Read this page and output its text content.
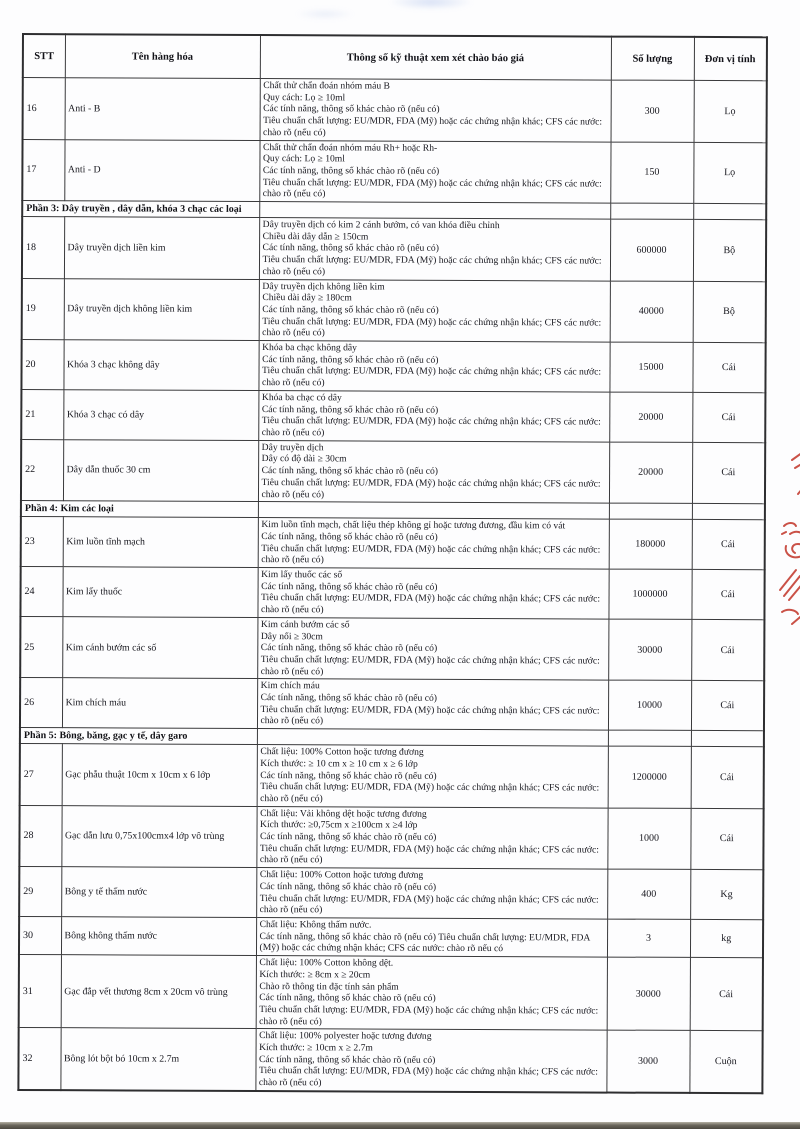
STT	Tên hàng hóa	Thông số kỹ thuật xem xét chào báo giá	Số lượng	Đơn vị tính
16	Anti - B	Chất thử chẩn đoán nhóm máu B
Quy cách: Lọ ≥ 10ml
Các tính năng, thông số khác chào rõ (nếu có)
Tiêu chuẩn chất lượng: EU/MDR, FDA (Mỹ) hoặc các chứng nhận khác; CFS các nước: chào rõ (nếu có)	300	Lọ
17	Anti - D	Chất thử chẩn đoán nhóm máu Rh+ hoặc Rh-
Quy cách: Lọ ≥ 10ml
Các tính năng, thông số khác chào rõ (nếu có)
Tiêu chuẩn chất lượng: EU/MDR, FDA (Mỹ) hoặc các chứng nhận khác; CFS các nước: chào rõ (nếu có)	150	Lọ
Phần 3: Dây truyền , dây dẫn, khóa 3 chạc các loại				
18	Dây truyền dịch liền kim	Dây truyền dịch có kim 2 cánh bướm, có van khóa điều chỉnh
Chiều dài dây dẫn ≥ 150cm
Các tính năng, thông số khác chào rõ (nếu có)
Tiêu chuẩn chất lượng: EU/MDR, FDA (Mỹ) hoặc các chứng nhận khác; CFS các nước: chào rõ (nếu có)	600000	Bộ
19	Dây truyền dịch không liền kim	Dây truyền dịch không liền kim
Chiều dài dây ≥ 180cm
Các tính năng, thông số khác chào rõ (nếu có)
Tiêu chuẩn chất lượng: EU/MDR, FDA (Mỹ) hoặc các chứng nhận khác; CFS các nước: chào rõ (nếu có)	40000	Bộ
20	Khóa 3 chạc không dây	Khóa ba chạc không dây
Các tính năng, thông số khác chào rõ (nếu có)
Tiêu chuẩn chất lượng: EU/MDR, FDA (Mỹ) hoặc các chứng nhận khác; CFS các nước: chào rõ (nếu có)	15000	Cái
21	Khóa 3 chạc có dây	Khóa ba chạc có dây
Các tính năng, thông số khác chào rõ (nếu có)
Tiêu chuẩn chất lượng: EU/MDR, FDA (Mỹ) hoặc các chứng nhận khác; CFS các nước: chào rõ (nếu có)	20000	Cái
22	Dây dẫn thuốc 30 cm	Dây truyền dịch
Dây có độ dài ≥ 30cm
Các tính năng, thông số khác chào rõ (nếu có)
Tiêu chuẩn chất lượng: EU/MDR, FDA (Mỹ) hoặc các chứng nhận khác; CFS các nước: chào rõ (nếu có)	20000	Cái
Phần 4: Kim các loại				
23	Kim luồn tĩnh mạch	Kim luồn tĩnh mạch, chất liệu thép không gỉ hoặc tương đương, đầu kim có vát
Các tính năng, thông số khác chào rõ (nếu có)
Tiêu chuẩn chất lượng: EU/MDR, FDA (Mỹ) hoặc các chứng nhận khác; CFS các nước: chào rõ (nếu có)	180000	Cái
24	Kim lấy thuốc	Kim lấy thuốc các số
Các tính năng, thông số khác chào rõ (nếu có)
Tiêu chuẩn chất lượng: EU/MDR, FDA (Mỹ) hoặc các chứng nhận khác; CFS các nước: chào rõ (nếu có)	1000000	Cái
25	Kim cánh bướm các số	Kim cánh bướm các số
Dây nối ≥ 30cm
Các tính năng, thông số khác chào rõ (nếu có)
Tiêu chuẩn chất lượng: EU/MDR, FDA (Mỹ) hoặc các chứng nhận khác; CFS các nước: chào rõ (nếu có)	30000	Cái
26	Kim chích máu	Kim chích máu
Các tính năng, thông số khác chào rõ (nếu có)
Tiêu chuẩn chất lượng: EU/MDR, FDA (Mỹ) hoặc các chứng nhận khác; CFS các nước: chào rõ (nếu có)	10000	Cái
Phần 5: Bông, băng, gạc y tế, dây garo				
27	Gạc phẫu thuật 10cm x 10cm x 6 lớp	Chất liệu: 100% Cotton hoặc tương đương
Kích thước: ≥ 10 cm x ≥ 10 cm x ≥ 6 lớp
Các tính năng, thông số khác chào rõ (nếu có)
Tiêu chuẩn chất lượng: EU/MDR, FDA (Mỹ) hoặc các chứng nhận khác; CFS các nước: chào rõ (nếu có)	1200000	Cái
28	Gạc dẫn lưu 0,75x100cmx4 lớp vô trùng	Chất liệu: Vải không dệt hoặc tương đương
Kích thước: ≥0,75cm x ≥100cm x ≥4 lớp
Các tính năng, thông số khác chào rõ (nếu có)
Tiêu chuẩn chất lượng: EU/MDR, FDA (Mỹ) hoặc các chứng nhận khác; CFS các nước: chào rõ (nếu có)	1000	Cái
29	Bông y tế thấm nước	Chất liệu: 100% Cotton hoặc tương đương
Các tính năng, thông số khác chào rõ (nếu có)
Tiêu chuẩn chất lượng: EU/MDR, FDA (Mỹ) hoặc các chứng nhận khác; CFS các nước: chào rõ (nếu có)	400	Kg
30	Bông không thấm nước	Chất liệu: Không thấm nước.
Các tính năng, thông số khác chào rõ (nếu có) Tiêu chuẩn chất lượng: EU/MDR, FDA (Mỹ) hoặc các chứng nhận khác; CFS các nước: chào rõ nếu có	3	kg
31	Gạc đắp vết thương 8cm x 20cm vô trùng	Chất liệu: 100% Cotton không dệt.
Kích thước: ≥ 8cm x ≥ 20cm
Chào rõ thông tin đặc tính sản phẩm
Các tính năng, thông số khác chào rõ (nếu có)
Tiêu chuẩn chất lượng: EU/MDR, FDA (Mỹ) hoặc các chứng nhận khác; CFS các nước: chào rõ (nếu có)	30000	Cái
32	Bông lót bột bó 10cm x 2.7m	Chất liệu: 100% polyester hoặc tương đương
Kích thước: ≥ 10cm x ≥ 2.7m
Các tính năng, thông số khác chào rõ (nếu có)
Tiêu chuẩn chất lượng: EU/MDR, FDA (Mỹ) hoặc các chứng nhận khác; CFS các nước: chào rõ (nếu có)	3000	Cuộn
